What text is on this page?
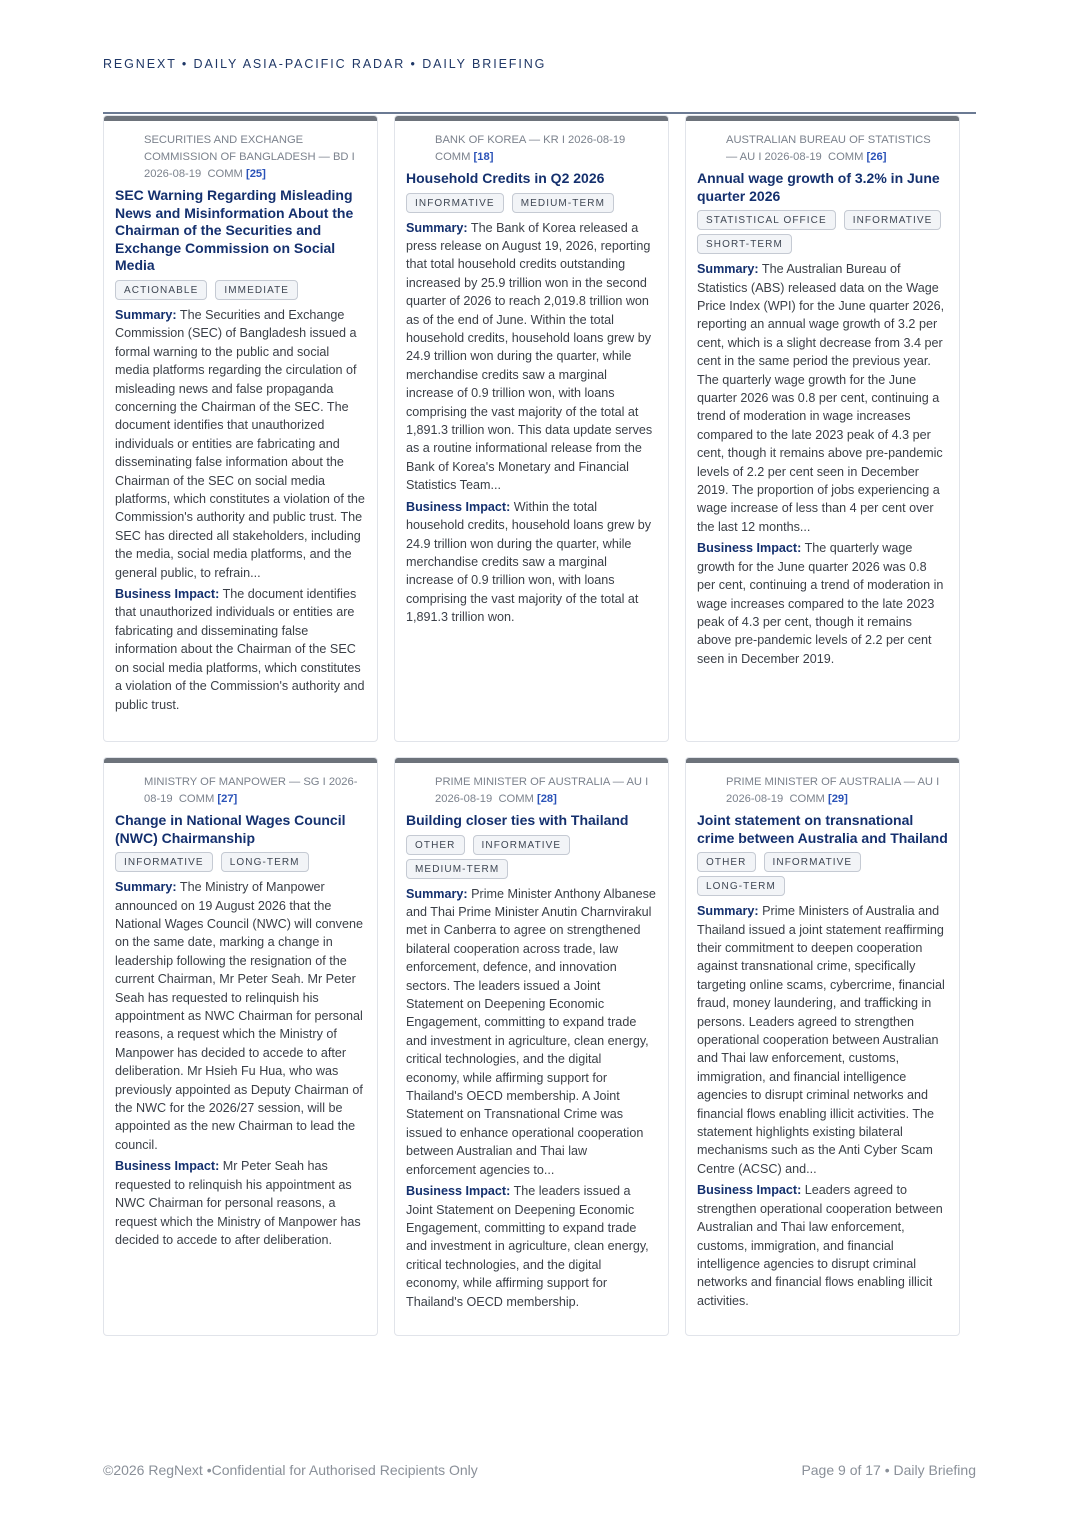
REGNEXT • DAILY ASIA-PACIFIC RADAR • DAILY BRIEFING
SECURITIES AND EXCHANGE COMMISSION OF BANGLADESH — BD I 2026-08-19 COMM [25]
SEC Warning Regarding Misleading News and Misinformation About the Chairman of the Securities and Exchange Commission on Social Media
ACTIONABLE	IMMEDIATE
Summary: The Securities and Exchange Commission (SEC) of Bangladesh issued a formal warning to the public and social media platforms regarding the circulation of misleading news and false propaganda concerning the Chairman of the SEC. The document identifies that unauthorized individuals or entities are fabricating and disseminating false information about the Chairman of the SEC on social media platforms, which constitutes a violation of the Commission's authority and public trust. The SEC has directed all stakeholders, including the media, social media platforms, and the general public, to refrain...
Business Impact: The document identifies that unauthorized individuals or entities are fabricating and disseminating false information about the Chairman of the SEC on social media platforms, which constitutes a violation of the Commission's authority and public trust.
BANK OF KOREA — KR I 2026-08-19  COMM [18]
Household Credits in Q2 2026
INFORMATIVE	MEDIUM-TERM
Summary: The Bank of Korea released a press release on August 19, 2026, reporting that total household credits outstanding increased by 25.9 trillion won in the second quarter of 2026 to reach 2,019.8 trillion won as of the end of June. Within the total household credits, household loans grew by 24.9 trillion won during the quarter, while merchandise credits saw a marginal increase of 0.9 trillion won, with loans comprising the vast majority of the total at 1,891.3 trillion won. This data update serves as a routine informational release from the Bank of Korea's Monetary and Financial Statistics Team...
Business Impact: Within the total household credits, household loans grew by 24.9 trillion won during the quarter, while merchandise credits saw a marginal increase of 0.9 trillion won, with loans comprising the vast majority of the total at 1,891.3 trillion won.
AUSTRALIAN BUREAU OF STATISTICS — AU I 2026-08-19 COMM [26]
Annual wage growth of 3.2% in June quarter 2026
STATISTICAL OFFICE	INFORMATIVE
SHORT-TERM
Summary: The Australian Bureau of Statistics (ABS) released data on the Wage Price Index (WPI) for the June quarter 2026, reporting an annual wage growth of 3.2 per cent, which is a slight decrease from 3.4 per cent in the same period the previous year. The quarterly wage growth for the June quarter 2026 was 0.8 per cent, continuing a trend of moderation in wage increases compared to the late 2023 peak of 4.3 per cent, though it remains above pre-pandemic levels of 2.2 per cent seen in December 2019. The proportion of jobs experiencing a wage increase of less than 4 per cent over the last 12 months...
Business Impact: The quarterly wage growth for the June quarter 2026 was 0.8 per cent, continuing a trend of moderation in wage increases compared to the late 2023 peak of 4.3 per cent, though it remains above pre-pandemic levels of 2.2 per cent seen in December 2019.
MINISTRY OF MANPOWER — SG I 2026-08-19 COMM [27]
Change in National Wages Council (NWC) Chairmanship
INFORMATIVE	LONG-TERM
Summary: The Ministry of Manpower announced on 19 August 2026 that the National Wages Council (NWC) will convene on the same date, marking a change in leadership following the resignation of the current Chairman, Mr Peter Seah. Mr Peter Seah has requested to relinquish his appointment as NWC Chairman for personal reasons, a request which the Ministry of Manpower has decided to accede to after deliberation. Mr Hsieh Fu Hua, who was previously appointed as Deputy Chairman of the NWC for the 2026/27 session, will be appointed as the new Chairman to lead the council.
Business Impact: Mr Peter Seah has requested to relinquish his appointment as NWC Chairman for personal reasons, a request which the Ministry of Manpower has decided to accede to after deliberation.
PRIME MINISTER OF AUSTRALIA — AU I 2026-08-19 COMM [28]
Building closer ties with Thailand
OTHER	INFORMATIVE
MEDIUM-TERM
Summary: Prime Minister Anthony Albanese and Thai Prime Minister Anutin Charnvirakul met in Canberra to agree on strengthened bilateral cooperation across trade, law enforcement, defence, and innovation sectors. The leaders issued a Joint Statement on Deepening Economic Engagement, committing to expand trade and investment in agriculture, clean energy, critical technologies, and the digital economy, while affirming support for Thailand's OECD membership. A Joint Statement on Transnational Crime was issued to enhance operational cooperation between Australian and Thai law enforcement agencies to...
Business Impact: The leaders issued a Joint Statement on Deepening Economic Engagement, committing to expand trade and investment in agriculture, clean energy, critical technologies, and the digital economy, while affirming support for Thailand's OECD membership.
PRIME MINISTER OF AUSTRALIA — AU I 2026-08-19 COMM [29]
Joint statement on transnational crime between Australia and Thailand
OTHER	INFORMATIVE
LONG-TERM
Summary: Prime Ministers of Australia and Thailand issued a joint statement reaffirming their commitment to deepen cooperation against transnational crime, specifically targeting online scams, cybercrime, financial fraud, money laundering, and trafficking in persons. Leaders agreed to strengthen operational cooperation between Australian and Thai law enforcement, customs, immigration, and financial intelligence agencies to disrupt criminal networks and financial flows enabling illicit activities. The statement highlights existing bilateral mechanisms such as the Anti Cyber Scam Centre (ACSC) and...
Business Impact: Leaders agreed to strengthen operational cooperation between Australian and Thai law enforcement, customs, immigration, and financial intelligence agencies to disrupt criminal networks and financial flows enabling illicit activities.
©2026 RegNext •Confidential for Authorised Recipients Only	Page 9 of 17 • Daily Briefing
